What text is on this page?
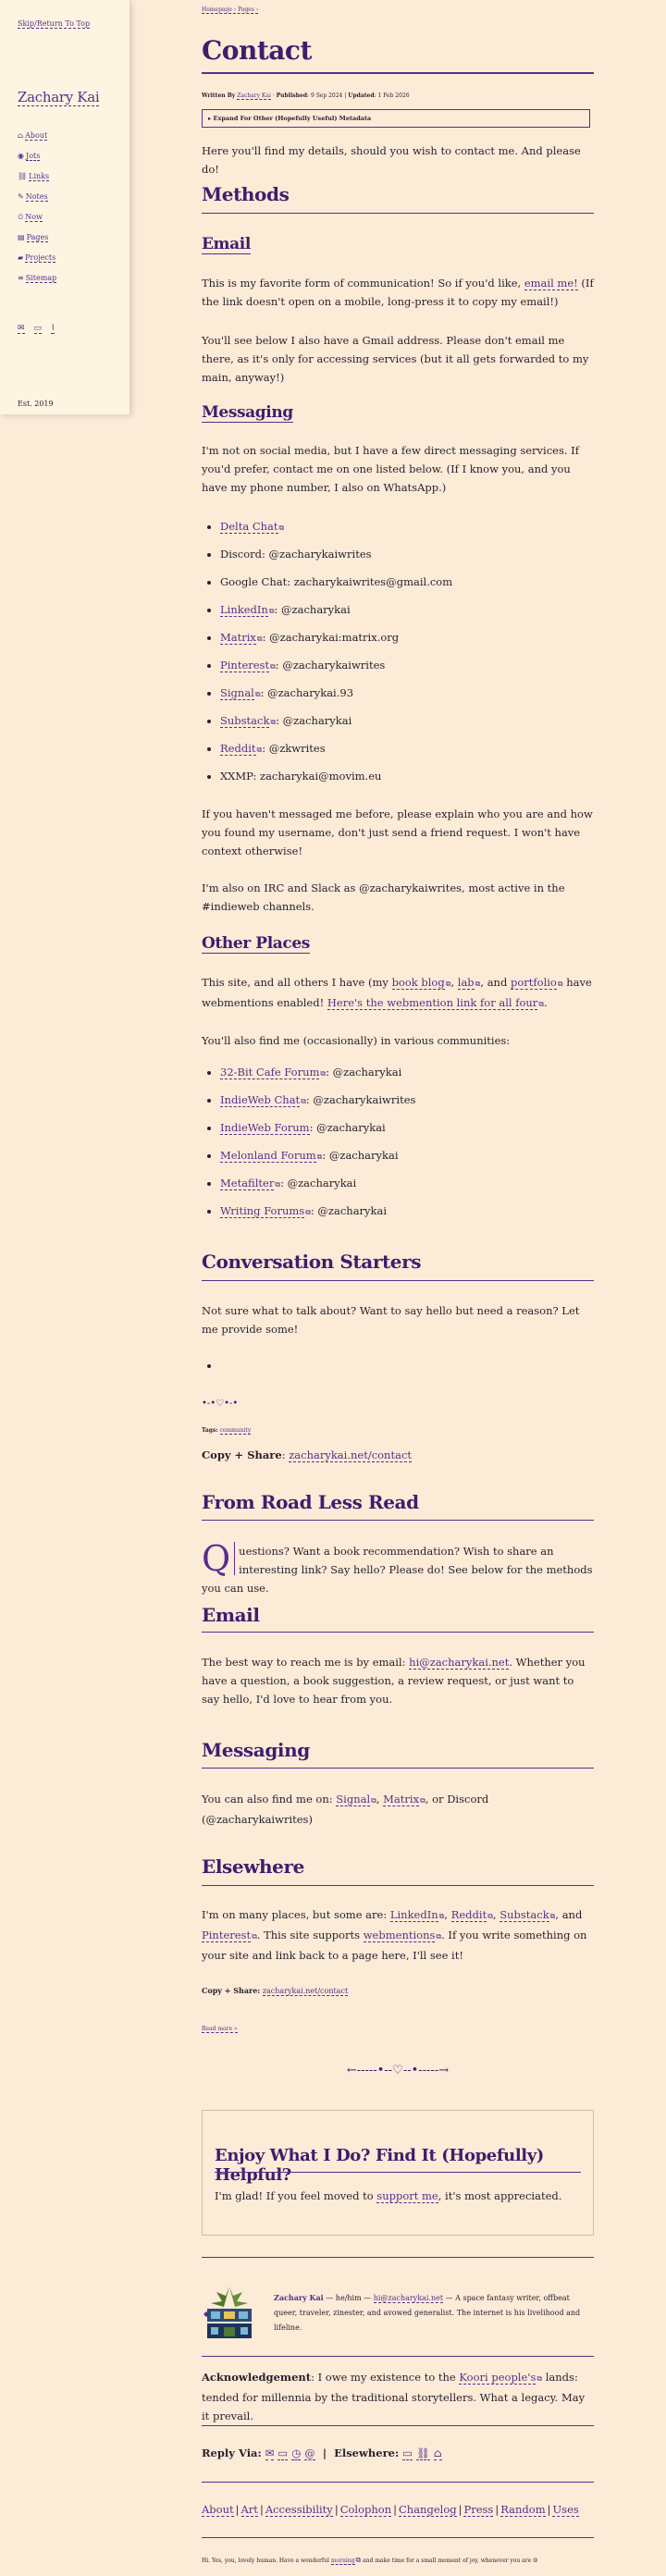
Skip/Return To Top
Zachary Kai
⌂ About
◉ Jots
⛓ Links
✎ Notes
⏲ Now
▤ Pages
▰ Projects
≡ Sitemap
✉ ▭ ⌇
Est. 2019
Homepage › Pages ›
Contact
Written By Zachary Kai · Published: 9 Sep 2024 | Updated: 1 Feb 2026
▸ Expand For Other (Hopefully Useful) Metadata

Here you'll find my details, should you wish to contact me. And please do!

Methods
Email

This is my favorite form of communication! So if you'd like, email me! (If the link doesn't open on a mobile, long-press it to copy my email!)

You'll see below I also have a Gmail address. Please don't email me there, as it's only for accessing services (but it all gets forwarded to my main, anyway!)

Messaging

I'm not on social media, but I have a few direct messaging services. If you'd prefer, contact me on one listed below. (If I know you, and you have my phone number, I also on WhatsApp.)

• Delta Chat⧉
• Discord: @zacharykaiwrites
• Google Chat: zacharykaiwrites@gmail.com
• LinkedIn⧉: @zacharykai
• Matrix⧉: @zacharykai:matrix.org
• Pinterest⧉: @zacharykaiwrites
• Signal⧉: @zacharykai.93
• Substack⧉: @zacharykai
• Reddit⧉: @zkwrites
• XXMP: zacharykai@movim.eu

If you haven't messaged me before, please explain who you are and how you found my username, don't just send a friend request. I won't have context otherwise!

I'm also on IRC and Slack as @zacharykaiwrites, most active in the #indieweb channels.

Other Places

This site, and all others I have (my book blog⧉, lab⧉, and portfolio⧉ have webmentions enabled! Here's the webmention link for all four⧉.

You'll also find me (occasionally) in various communities:

• 32-Bit Cafe Forum⧉: @zacharykai
• IndieWeb Chat⧉: @zacharykaiwrites
• IndieWeb Forum: @zacharykai
• Melonland Forum⧉: @zacharykai
• Metafilter⧉: @zacharykai
• Writing Forums⧉: @zacharykai
Conversation Starters

Not sure what to talk about? Want to say hello but need a reason? Let me provide some!

•
•-•♡•-•
Tags: community
Copy + Share: zacharykai.net/contact
From Road Less Read

Q uestions? Want a book recommendation? Wish to share an interesting link? Say hello? Please do! See below for the methods you can use.

Email

The best way to reach me is by email: hi@zacharykai.net. Whether you have a question, a book suggestion, a review request, or just want to say hello, I'd love to hear from you.

Messaging

You can also find me on: Signal⧉, Matrix⧉, or Discord (@zacharykaiwrites)

Elsewhere

I'm on many places, but some are: LinkedIn⧉, Reddit⧉, Substack⧉, and Pinterest⧉. This site supports webmentions⧉. If you write something on your site and link back to a page here, I'll see it!

Copy + Share: zacharykai.net/contact
Read more »
←-----•--♡--•-----→
Enjoy What I Do? Find It (Hopefully) Helpful?

I'm glad! If you feel moved to support me, it's most appreciated.

Zachary Kai — he/him — hi@zacharykai.net — A space fantasy writer, offbeat queer, traveler, zinester, and avowed generalist. The internet is his livelihood and lifeline.

Acknowledgement: I owe my existence to the Koori people's⧉ lands: tended for millennia by the traditional storytellers. What a legacy. May it prevail.

Reply Via: ✉ ▭ ◷ @  |  Elsewhere: ▭ ⛓ ⌂
About | Art | Accessibility | Colophon | Changelog | Press | Random | Uses
Hi. Yes, you, lovely human. Have a wonderful morning⧉ and make time for a small moment of joy, whenever you are ☺
